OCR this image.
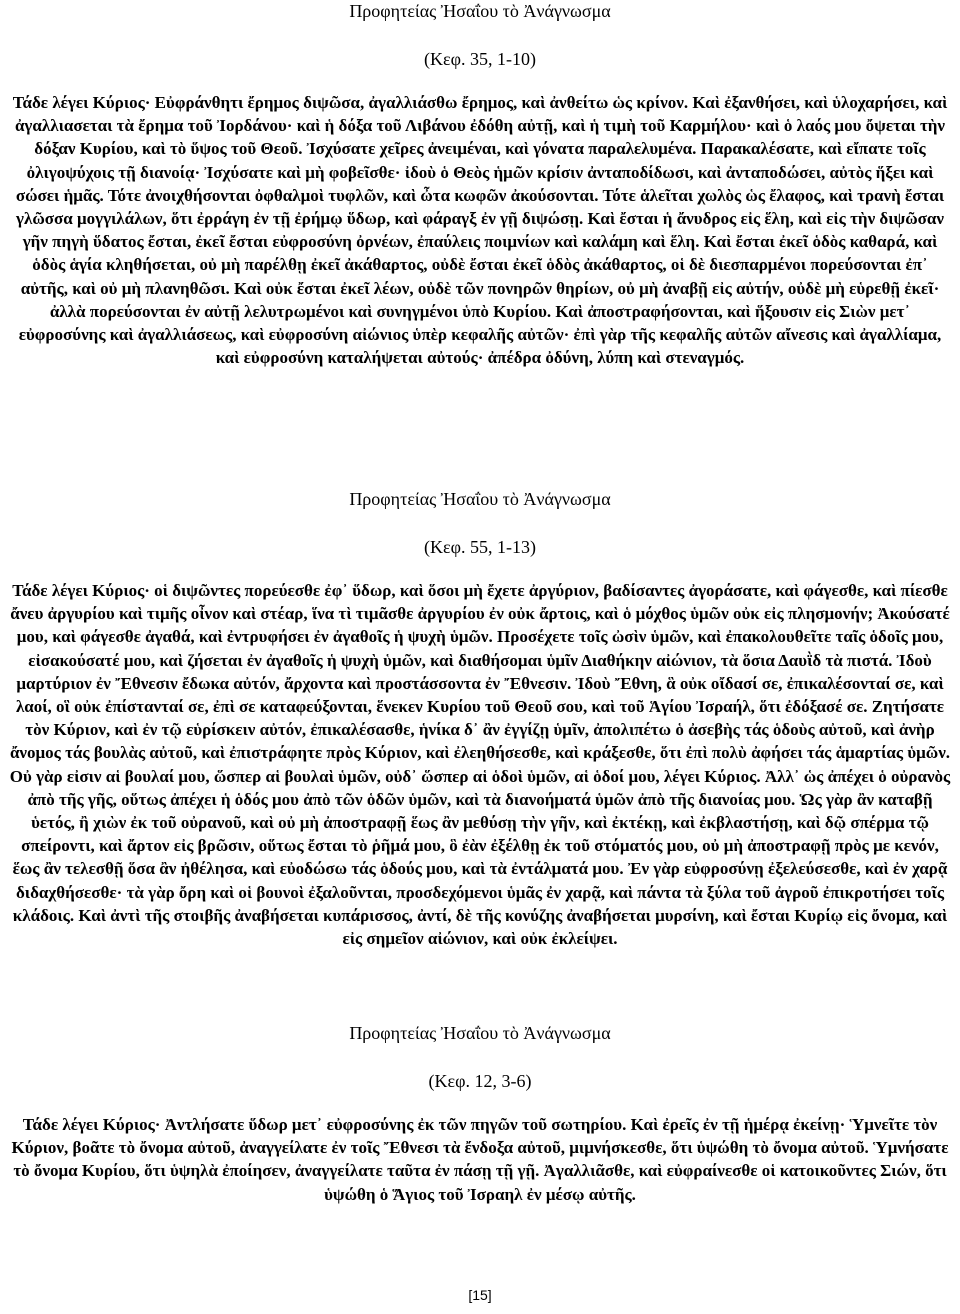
Προφητείας Ἠσαΐου τὸ Ἀνάγνωσμα

(Κεφ. 35, 1-10)

Τάδε λέγει Κύριος· Εὐφράνθητι ἔρημος διψῶσα, ἀγαλλιάσθω ἔρημος, καὶ ἀνθείτω ὡς κρίνον. Καὶ ἐξανθήσει, καὶ ὑλοχαρήσει, καὶ ἀγαλλιασεται τὰ ἔρημα τοῦ Ἰορδάνου· καὶ ἡ δόξα τοῦ Λιβάνου ἐδόθη αὐτῇ, καὶ ἡ τιμὴ τοῦ Καρμήλου· καὶ ὁ λαός μου ὄψεται τὴν δόξαν Κυρίου, καὶ τὸ ὕψος τοῦ Θεοῦ. Ἰσχύσατε χεῖρες ἀνειμέναι, καὶ γόνατα παραλελυμένα. Παρακαλέσατε, καὶ εἴπατε τοῖς ὀλιγοψύχοις τῇ διανοίᾳ· Ἰσχύσατε καὶ μὴ φοβεῖσθε· ἰδοὺ ὁ Θεὸς ἡμῶν κρίσιν ἀνταποδίδωσι, καὶ ἀνταποδώσει, αὐτὸς ἥξει καὶ σώσει ἡμᾶς. Τότε ἀνοιχθήσονται ὀφθαλμοὶ τυφλῶν, καὶ ὦτα κωφῶν ἀκούσονται. Τότε ἁλεῖται χωλὸς ὡς ἔλαφος, καὶ τρανὴ ἔσται γλῶσσα μογγιλάλων, ὅτι ἐρράγη ἐν τῇ ἐρήμῳ ὕδωρ, καὶ φάραγξ ἐν γῇ διψώσῃ. Καὶ ἔσται ἡ ἄνυδρος εἰς ἕλη, καὶ εἰς τὴν διψῶσαν γῆν πηγὴ ὕδατος ἔσται, ἐκεῖ ἔσται εὐφροσύνη ὀρνέων, ἐπαύλεις ποιμνίων καὶ καλάμη καὶ ἕλη. Καὶ ἔσται ἐκεῖ ὁδὸς καθαρά, καὶ ὁδὸς ἁγία κληθήσεται, οὐ μὴ παρέλθῃ ἐκεῖ ἀκάθαρτος, οὐδὲ ἔσται ἐκεῖ ὁδὸς ἀκάθαρτος, οἱ δὲ διεσπαρμένοι πορεύσονται ἐπ᾽ αὐτῆς, καὶ οὐ μὴ πλανηθῶσι. Καὶ οὐκ ἔσται ἐκεῖ λέων, οὐδὲ τῶν πονηρῶν θηρίων, οὐ μὴ ἀναβῇ εἰς αὐτήν, οὐδὲ μὴ εὑρεθῇ ἐκεῖ· ἀλλὰ πορεύσονται ἐν αὐτῇ λελυτρωμένοι καὶ συνηγμένοι ὑπὸ Κυρίου. Καὶ ἀποστραφήσονται, καὶ ἥξουσιν εἰς Σιὼν μετ᾽ εὐφροσύνης καὶ ἀγαλλιάσεως, καὶ εὐφροσύνη αἰώνιος ὑπὲρ κεφαλῆς αὐτῶν· ἐπὶ γὰρ τῆς κεφαλῆς αὐτῶν αἴνεσις καὶ ἀγαλλίαμα, καὶ εὐφροσύνη καταλήψεται αὐτούς· ἀπέδρα ὀδύνη, λύπη καὶ στεναγμός.

Προφητείας Ἠσαΐου τὸ Ἀνάγνωσμα

(Κεφ. 55, 1-13)

Τάδε λέγει Κύριος· οἱ διψῶντες πορεύεσθε ἐφ᾽ ὕδωρ, καὶ ὅσοι μὴ ἔχετε ἀργύριον, βαδίσαντες ἀγοράσατε, καὶ φάγεσθε, καὶ πίεσθε ἄνευ ἀργυρίου καὶ τιμῆς οἶνον καὶ στέαρ, ἵνα τὶ τιμᾶσθε ἀργυρίου ἐν οὐκ ἄρτοις, καὶ ὁ μόχθος ὑμῶν οὐκ εἰς πλησμονήν; Ἀκούσατέ μου, καὶ φάγεσθε ἀγαθά, καὶ ἐντρυφήσει ἐν ἀγαθοῖς ἡ ψυχὴ ὑμῶν. Προσέχετε τοῖς ὠσὶν ὑμῶν, καὶ ἐπακολουθεῖτε ταῖς ὁδοῖς μου, εἰσακούσατέ μου, καὶ ζήσεται ἐν ἀγαθοῖς ἡ ψυχὴ ὑμῶν, καὶ διαθήσομαι ὑμῖν Διαθήκην αἰώνιον, τὰ ὅσια Δαυῒδ τὰ πιστά. Ἰδοὺ μαρτύριον ἐν Ἔθνεσιν ἔδωκα αὐτόν, ἄρχοντα καὶ προστάσσοντα ἐν Ἔθνεσιν. Ἰδοὺ Ἔθνη, ἃ οὐκ οἴδασί σε, ἐπικαλέσονταί σε, καὶ λαοί, οἳ οὐκ ἐπίστανταί σε, ἐπὶ σε καταφεύξονται, ἕνεκεν Κυρίου τοῦ Θεοῦ σου, καὶ τοῦ Ἁγίου Ἰσραήλ, ὅτι ἐδόξασέ σε. Ζητήσατε τὸν Κύριον, καὶ ἐν τῷ εὑρίσκειν αὐτόν, ἐπικαλέσασθε, ἡνίκα δ᾽ ἂν ἐγγίζῃ ὑμῖν, ἀπολιπέτω ὁ ἀσεβὴς τάς ὁδοὺς αὐτοῦ, καὶ ἀνὴρ ἄνομος τάς βουλὰς αὐτοῦ, καὶ ἐπιστράφητε πρὸς Κύριον, καὶ ἐλεηθήσεσθε, καὶ κράξεσθε, ὅτι ἐπὶ πολὺ ἀφήσει τάς ἁμαρτίας ὑμῶν. Οὐ γὰρ εἰσιν αἱ βουλαί μου, ὥσπερ αἱ βουλαὶ ὑμῶν, οὐδ᾽ ὥσπερ αἱ ὁδοὶ ὑμῶν, αἱ ὁδοί μου, λέγει Κύριος. Ἀλλ᾽ ὡς ἀπέχει ὁ οὐρανὸς ἀπὸ τῆς γῆς, οὕτως ἀπέχει ἡ ὁδός μου ἀπὸ τῶν ὁδῶν ὑμῶν, καὶ τὰ διανοήματά ὑμῶν ἀπὸ τῆς διανοίας μου. Ὡς γὰρ ἂν καταβῇ ὑετός, ἢ χιὼν ἐκ τοῦ οὐρανοῦ, καὶ οὐ μὴ ἀποστραφῇ ἕως ἂν μεθύσῃ τὴν γῆν, καὶ ἐκτέκῃ, καὶ ἐκβλαστήσῃ, καὶ δῷ σπέρμα τῷ σπείροντι, καὶ ἄρτον εἰς βρῶσιν, οὕτως ἔσται τὸ ῥῆμά μου, ὃ ἐὰν ἐξέλθῃ ἐκ τοῦ στόματός μου, οὐ μὴ ἀποστραφῇ πρὸς με κενόν, ἕως ἂν τελεσθῇ ὅσα ἂν ἠθέλησα, καὶ εὐοδώσω τάς ὁδούς μου, καὶ τὰ ἐντάλματά μου. Ἐν γὰρ εὐφροσύνῃ ἐξελεύσεσθε, καὶ ἐν χαρᾷ διδαχθήσεσθε· τὰ γὰρ ὄρη καὶ οἱ βουνοὶ ἐξαλοῦνται, προσδεχόμενοι ὑμᾶς ἐν χαρᾷ, καὶ πάντα τὰ ξύλα τοῦ ἀγροῦ ἐπικροτήσει τοῖς κλάδοις. Καὶ ἀντὶ τῆς στοιβῆς ἀναβήσεται κυπάρισσος, ἀντί, δὲ τῆς κονύζης ἀναβήσεται μυρσίνη, καὶ ἔσται Κυρίῳ εἰς ὄνομα, καὶ εἰς σημεῖον αἰώνιον, καὶ οὐκ ἐκλείψει.

Προφητείας Ἠσαΐου τὸ Ἀνάγνωσμα

(Κεφ. 12, 3-6)

Τάδε λέγει Κύριος· Ἀντλήσατε ὕδωρ μετ᾽ εὐφροσύνης ἐκ τῶν πηγῶν τοῦ σωτηρίου. Καὶ ἐρεῖς ἐν τῇ ἡμέρᾳ ἐκείνῃ· Ὑμνεῖτε τὸν Κύριον, βοᾶτε τὸ ὄνομα αὐτοῦ, ἀναγγείλατε ἐν τοῖς Ἔθνεσι τὰ ἔνδοξα αὐτοῦ, μιμνήσκεσθε, ὅτι ὑψώθη τὸ ὄνομα αὐτοῦ. Ὑμνήσατε τὸ ὄνομα Κυρίου, ὅτι ὑψηλὰ ἐποίησεν, ἀναγγείλατε ταῦτα ἐν πάσῃ τῇ γῇ. Ἀγαλλιᾶσθε, καὶ εὐφραίνεσθε οἱ κατοικοῦντες Σιών, ὅτι ὑψώθη ὁ Ἅγιος τοῦ Ἰσραηλ ἐν μέσῳ αὐτῆς.

[15]
